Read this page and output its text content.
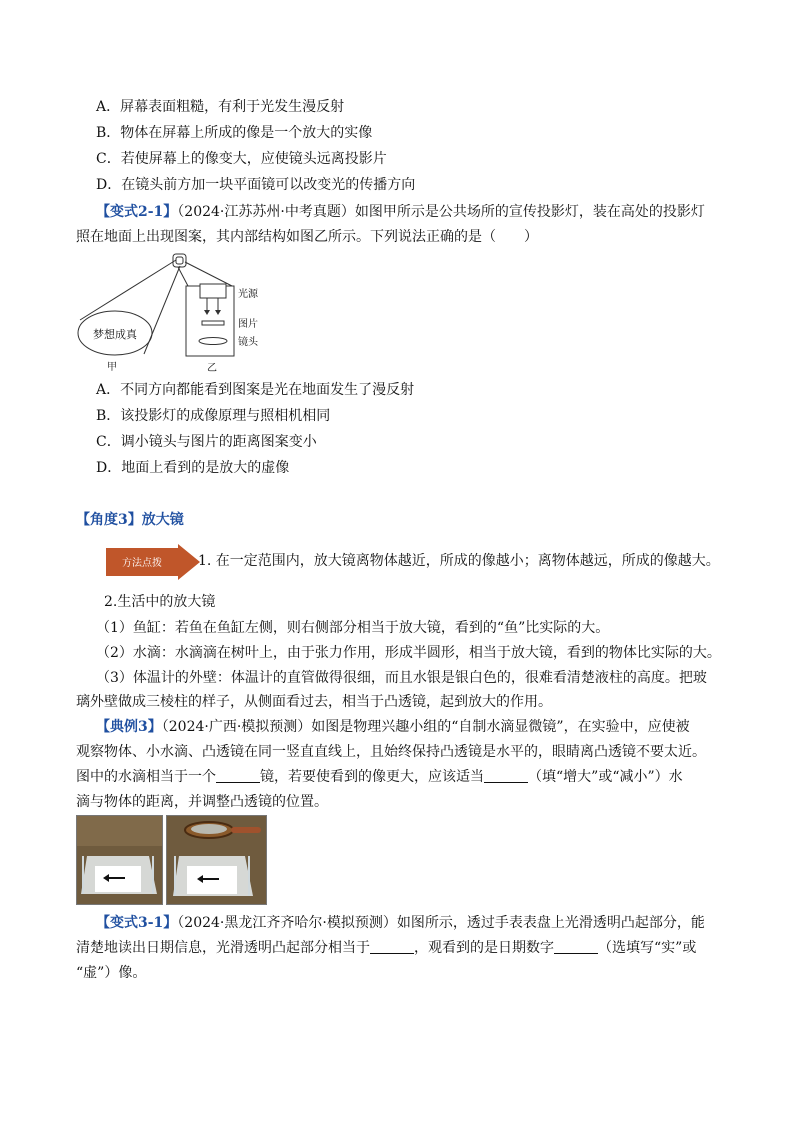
A．屏幕表面粗糙，有利于光发生漫反射
B．物体在屏幕上所成的像是一个放大的实像
C．若使屏幕上的像变大，应使镜头远离投影片
D．在镜头前方加一块平面镜可以改变光的传播方向
【变式2-1】（2024·江苏苏州·中考真题）如图甲所示是公共场所的宣传投影灯，装在高处的投影灯
照在地面上出现图案，其内部结构如图乙所示。下列说法正确的是（　　）
梦想成真
甲
光源
图片
镜头
乙
A．不同方向都能看到图案是光在地面发生了漫反射
B．该投影灯的成像原理与照相机相同
C．调小镜头与图片的距离图案变小
D．地面上看到的是放大的虚像
【角度3】放大镜
方法点拨	1. 在一定范围内，放大镜离物体越近，所成的像越小；离物体越远，所成的像越大。
2.生活中的放大镜
（1）鱼缸：若鱼在鱼缸左侧，则右侧部分相当于放大镜，看到的“鱼”比实际的大。
（2）水滴：水滴滴在树叶上，由于张力作用，形成半圆形，相当于放大镜，看到的物体比实际的大。
（3）体温计的外壁：体温计的直管做得很细，而且水银是银白色的，很难看清楚液柱的高度。把玻
璃外壁做成三棱柱的样子，从侧面看过去，相当于凸透镜，起到放大的作用。
【典例3】（2024·广西·模拟预测）如图是物理兴趣小组的“自制水滴显微镜”，在实验中，应使被
观察物体、小水滴、凸透镜在同一竖直直线上，且始终保持凸透镜是水平的，眼睛离凸透镜不要太近。
图中的水滴相当于一个	镜，若要使看到的像更大，应该适当	（填“增大”或“减小”）水
滴与物体的距离，并调整凸透镜的位置。
【变式3-1】（2024·黑龙江齐齐哈尔·模拟预测）如图所示，透过手表表盘上光滑透明凸起部分，能
清楚地读出日期信息，光滑透明凸起部分相当于	，观看到的是日期数字	（选填写“实”或
“虚”）像。
